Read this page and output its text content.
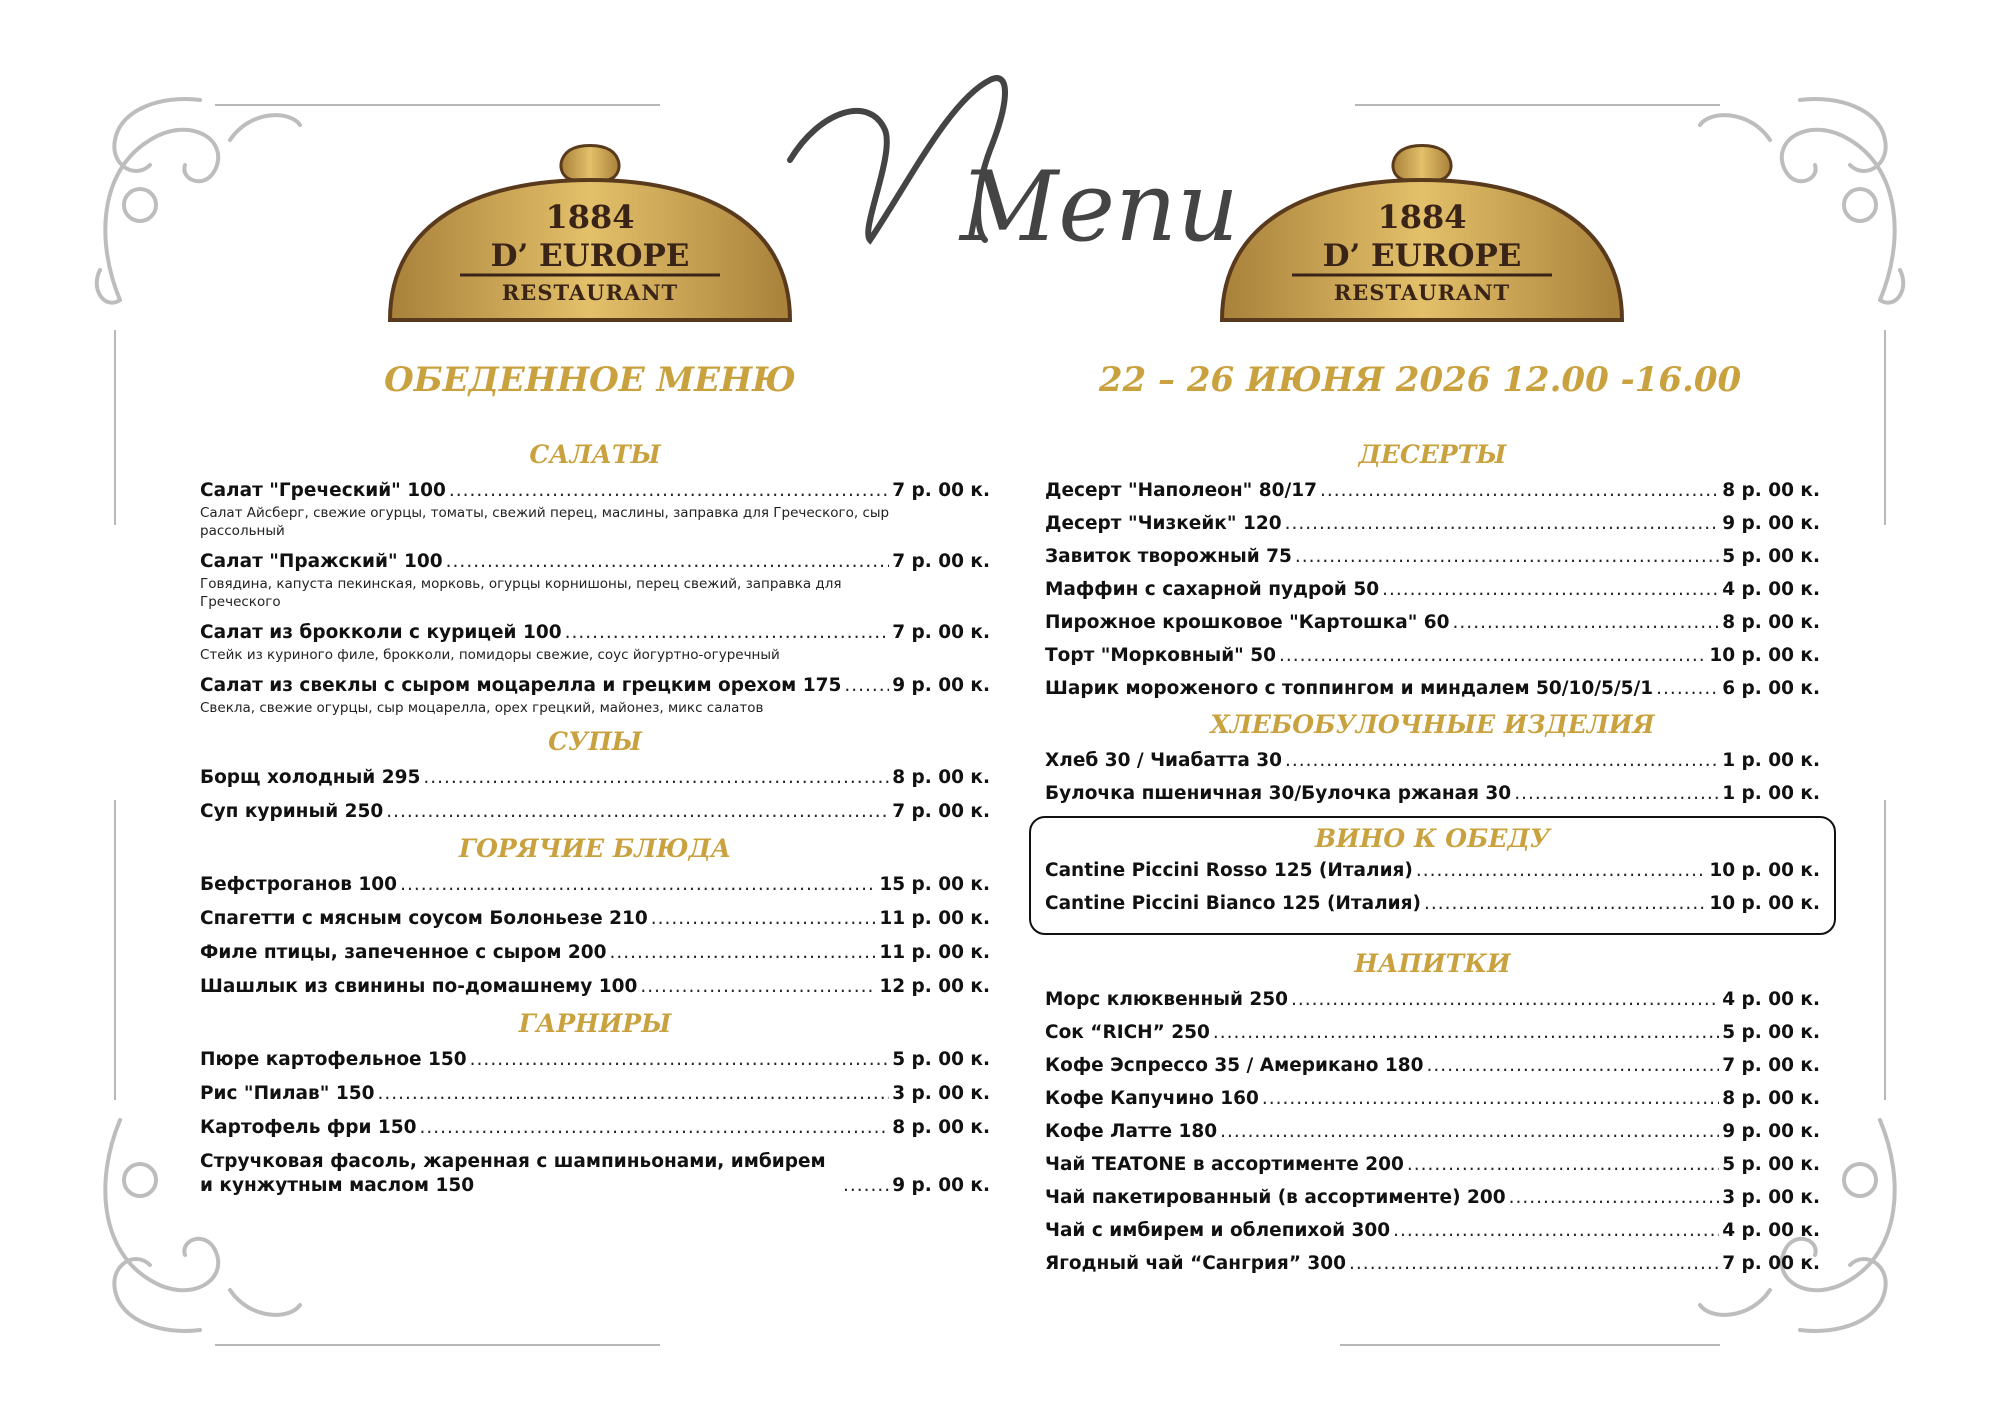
Menu
1884
D’ EUROPE
RESTAURANT
1884
D’ EUROPE
RESTAURANT
ОБЕДЕННОЕ МЕНЮ	22 – 26 ИЮНЯ 2026 12.00 -16.00
САЛАТЫ
Салат "Греческий" 100 .....	7 р. 00 к.
Салат Айсберг, свежие огурцы, томаты, свежий перец, маслины, заправка для Греческого, сыр рассольный
Салат "Пражский" 100 .....	7 р. 00 к.
Говядина, капуста пекинская, морковь, огурцы корнишоны, перец свежий, заправка для Греческого
Салат из брокколи с курицей 100 .....	7 р. 00 к.
Стейк из куриного филе, брокколи, помидоры свежие, соус йогуртно-огуречный
Салат из свеклы с сыром моцарелла и грецким орехом 175 .....	9 р. 00 к.
Свекла, свежие огурцы, сыр моцарелла, орех грецкий, майонез, микс салатов
СУПЫ
Борщ холодный 295 .....	8 р. 00 к.
Суп куриный 250 .....	7 р. 00 к.
ГОРЯЧИЕ БЛЮДА
Бефстроганов 100 .....	15 р. 00 к.
Спагетти с мясным соусом Болоньезе 210 .....	11 р. 00 к.
Филе птицы, запеченное с сыром 200 .....	11 р. 00 к.
Шашлык из свинины по-домашнему 100 .....	12 р. 00 к.
ГАРНИРЫ
Пюре картофельное 150 .....	5 р. 00 к.
Рис "Пилав" 150 .....	3 р. 00 к.
Картофель фри 150 .....	8 р. 00 к.
Стручковая фасоль, жаренная с шампиньонами, имбирем и кунжутным маслом 150 .....	9 р. 00 к.
ДЕСЕРТЫ
Десерт "Наполеон" 80/17 .....	8 р. 00 к.
Десерт "Чизкейк" 120 .....	9 р. 00 к.
Завиток творожный 75 .....	5 р. 00 к.
Маффин с сахарной пудрой 50 .....	4 р. 00 к.
Пирожное крошковое "Картошка" 60 .....	8 р. 00 к.
Торт "Морковный" 50 .....	10 р. 00 к.
Шарик мороженого с топпингом и миндалем 50/10/5/5/1 .....	6 р. 00 к.
ХЛЕБОБУЛОЧНЫЕ ИЗДЕЛИЯ
Хлеб 30 / Чиабатта 30 .....	1 р. 00 к.
Булочка пшеничная 30/Булочка ржаная 30 .....	1 р. 00 к.
ВИНО К ОБЕДУ
Cantine Piccini Rosso 125 (Италия) .....	10 р. 00 к.
Cantine Piccini Bianco 125 (Италия) .....	10 р. 00 к.
НАПИТКИ
Морс клюквенный 250 .....	4 р. 00 к.
Сок “RICH” 250 .....	5 р. 00 к.
Кофе Эспрессо 35 / Американо 180 .....	7 р. 00 к.
Кофе Капучино 160 .....	8 р. 00 к.
Кофе Латте 180 .....	9 р. 00 к.
Чай TEATONE в ассортименте 200 .....	5 р. 00 к.
Чай пакетированный (в ассортименте) 200 .....	3 р. 00 к.
Чай с имбирем и облепихой 300 .....	4 р. 00 к.
Ягодный чай “Сангрия” 300 .....	7 р. 00 к.
